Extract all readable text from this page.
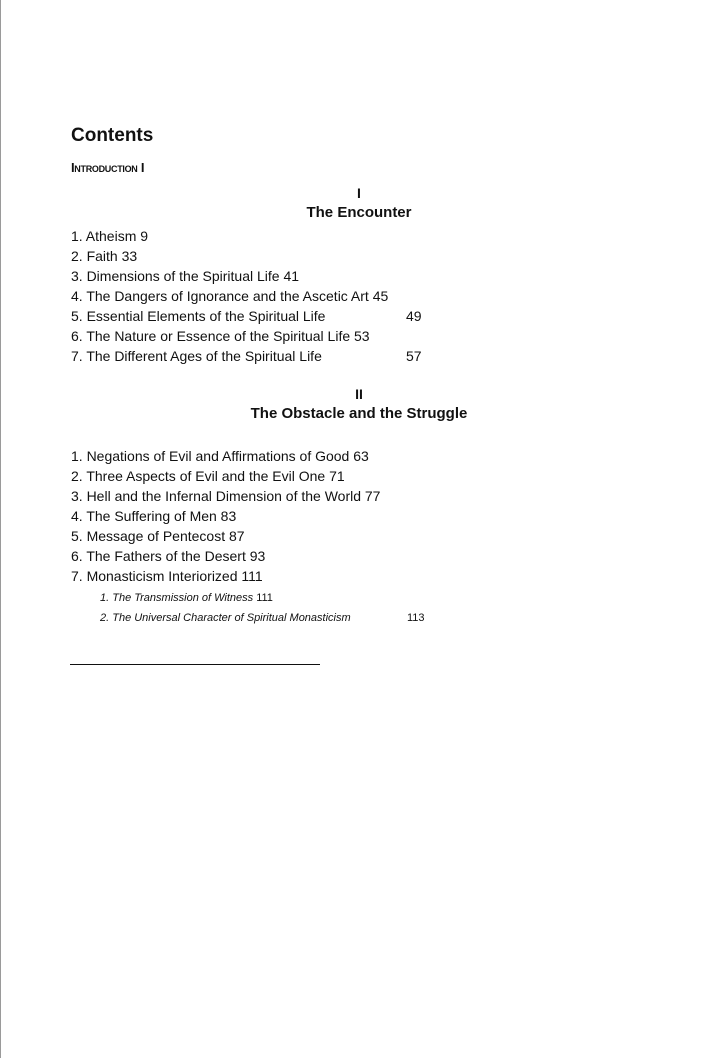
Contents
Introduction I
I
The Encounter
1. Atheism 9
2. Faith 33
3. Dimensions of the Spiritual Life 41
4. The Dangers of Ignorance and the Ascetic Art 45
5. Essential Elements of the Spiritual Life	49
6. The Nature or Essence of the Spiritual Life 53
7. The Different Ages of the Spiritual Life	57
II
The Obstacle and the Struggle
1. Negations of Evil and Affirmations of Good 63
2. Three Aspects of Evil and the Evil One 71
3. Hell and the Infernal Dimension of the World 77
4. The Suffering of Men 83
5. Message of Pentecost 87
6. The Fathers of the Desert 93
7. Monasticism Interiorized 111
1. The Transmission of Witness 111
2. The Universal Character of Spiritual Monasticism	113
